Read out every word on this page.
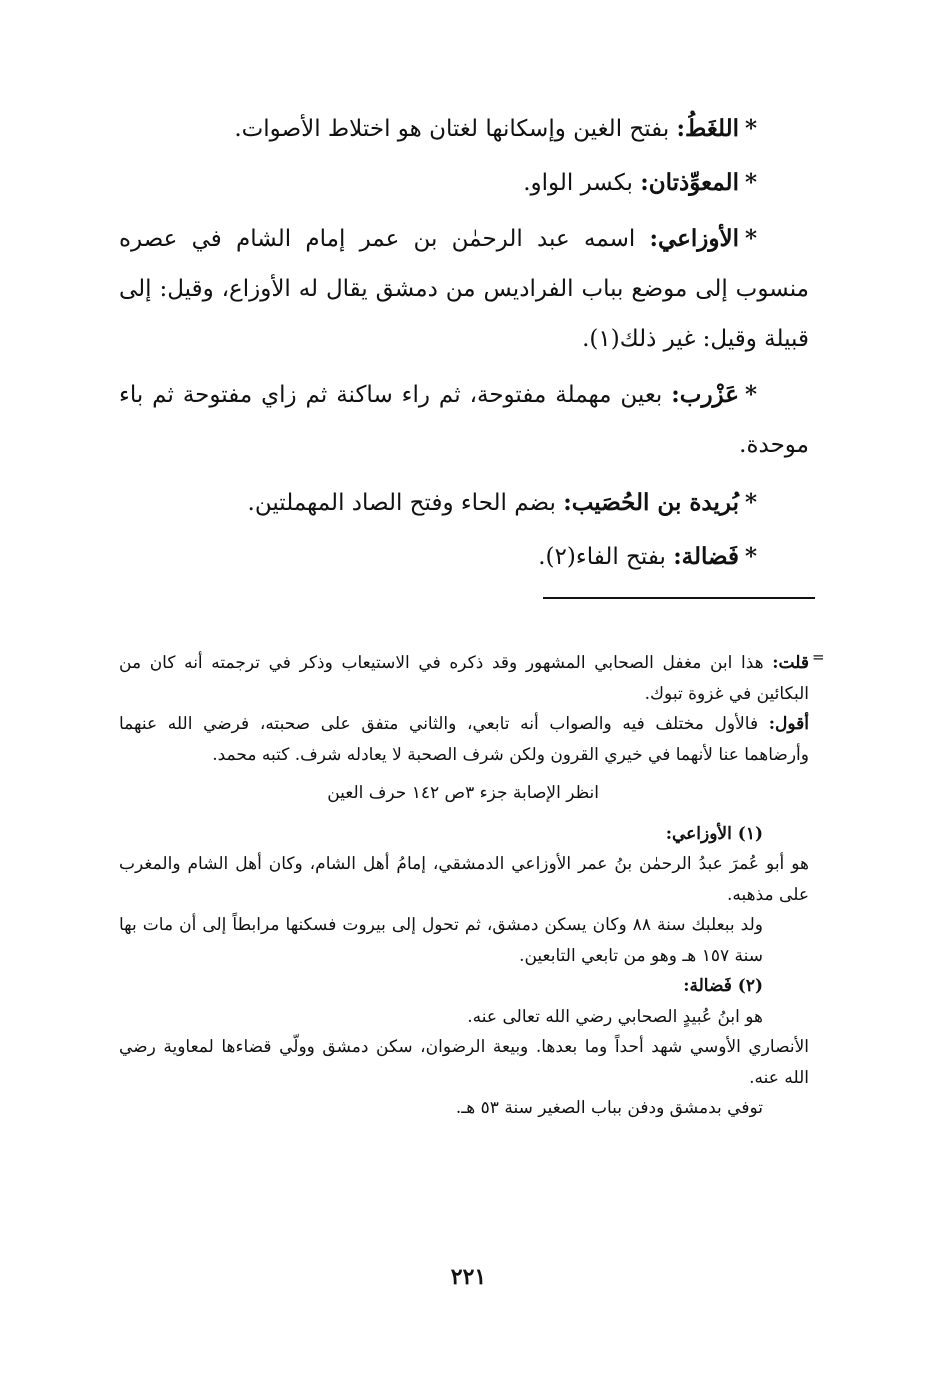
*اللغَطُ: بفتح الغين وإسكانها لغتان هو اختلاط الأصوات.

*المعوِّذتان: بكسر الواو.

*الأوزاعي: اسمه عبد الرحمٰن بن عمر إمام الشام في عصره منسوب إلى موضع بباب الفراديس من دمشق يقال له الأوزاع، وقيل: إلى قبيلة وقيل: غير ذلك(١).

*عَزْرب: بعين مهملة مفتوحة، ثم راء ساكنة ثم زاي مفتوحة ثم باء موحدة.

*بُريدة بن الحُصَيب: بضم الحاء وفتح الصاد المهملتين.

*فَضالة: بفتح الفاء(٢).

=

قلت: هذا ابن مغفل الصحابي المشهور وقد ذكره في الاستيعاب وذكر في ترجمته أنه كان من البكائين في غزوة تبوك.

أقول: فالأول مختلف فيه والصواب أنه تابعي، والثاني متفق على صحبته، فرضي الله عنهما وأرضاهما عنا لأنهما في خيري القرون ولكن شرف الصحبة لا يعادله شرف. كتبه محمد.

انظر الإصابة جزء ٣ص ١٤٢ حرف العين

(١) الأوزاعي:

هو أبو عُمرَ عبدُ الرحمٰن بنُ عمر الأوزاعي الدمشقي، إمامُ أهل الشام، وكان أهل الشام والمغرب على مذهبه.

ولد ببعلبك سنة ٨٨ وكان يسكن دمشق، ثم تحول إلى بيروت فسكنها مرابطاً إلى أن مات بها سنة ١٥٧ هـ وهو من تابعي التابعين.

(٢) فَضالة:

هو ابنُ عُبيدٍ الصحابي رضي الله تعالى عنه.

الأنصاري الأوسي شهد أحداً وما بعدها. وبيعة الرضوان، سكن دمشق وولّي قضاءها لمعاوية رضي الله عنه.

توفي بدمشق ودفن بباب الصغير سنة ٥٣ هـ.

٢٢١
